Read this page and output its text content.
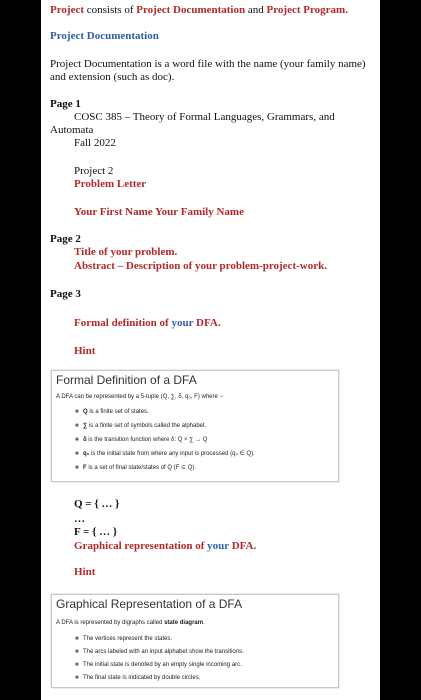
Project consists of Project Documentation and Project Program.
Project Documentation
Project Documentation is a word file with the name (your family name) and extension (such as doc).
Page 1
COSC 385 – Theory of Formal Languages, Grammars, and
Automata
Fall 2022
Project 2
Problem Letter
Your First Name Your Family Name
Page 2
Title of your problem.
Abstract – Description of your problem-project-work.
Page 3
Formal definition of your DFA.
Hint
Formal Definition of a DFA
A DFA can be represented by a 5-tuple (Q, ∑, δ, q₀, F) where −
■ Q is a finite set of states.
■ ∑ is a finite set of symbols called the alphabet.
■ δ is the transition function where δ: Q × ∑ → Q
■ q₀ is the initial state from where any input is processed (q₀ ∈ Q).
■ F is a set of final state/states of Q (F ⊆ Q).
Q = { … }
…
F = { … }
Graphical representation of your DFA.
Hint
Graphical Representation of a DFA
A DFA is represented by digraphs called state diagram.
■ The vertices represent the states.
■ The arcs labeled with an input alphabet show the transitions.
■ The initial state is denoted by an empty single incoming arc.
■ The final state is indicated by double circles.
